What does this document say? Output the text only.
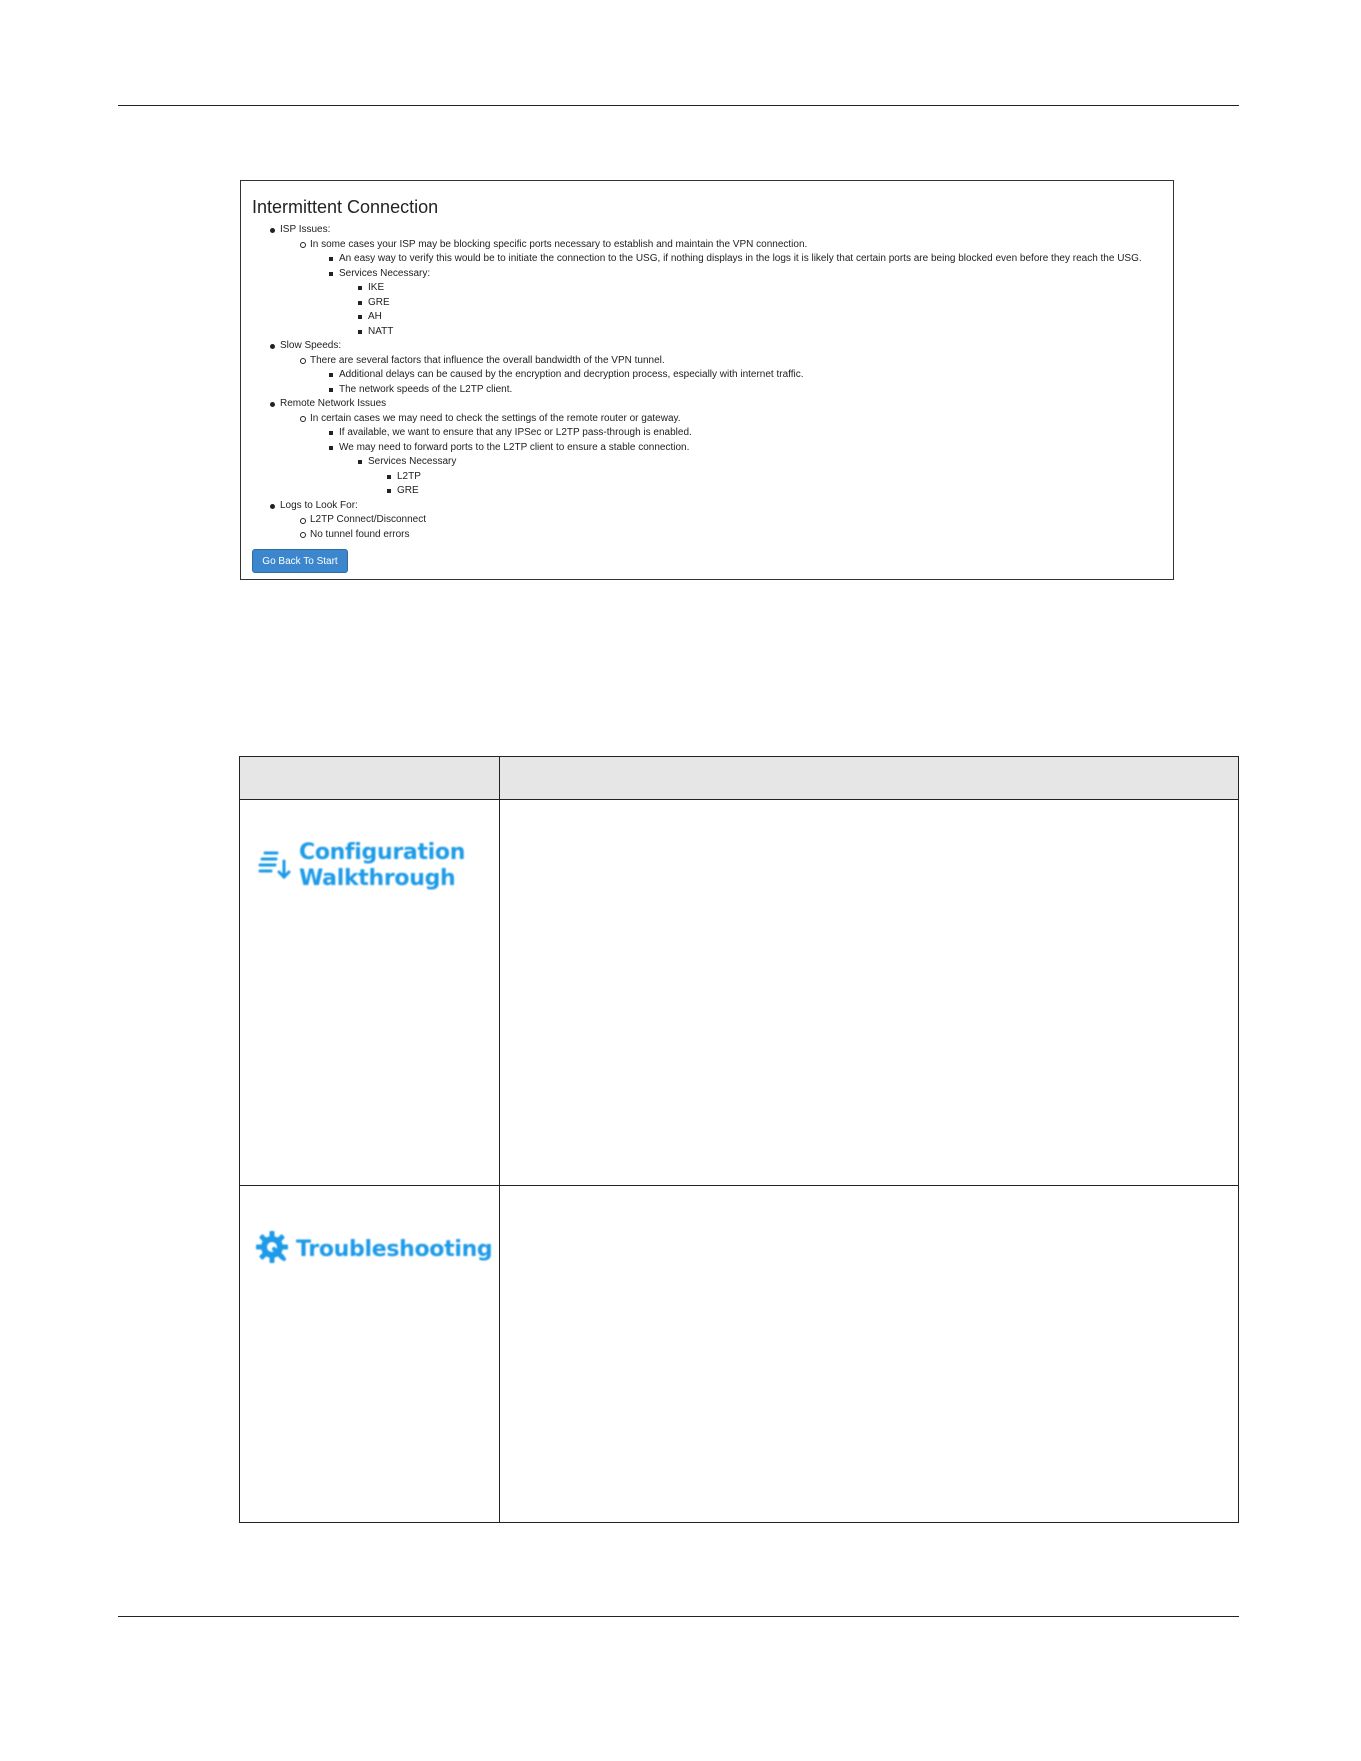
Intermittent Connection
ISP Issues:
In some cases your ISP may be blocking specific ports necessary to establish and maintain the VPN connection.
An easy way to verify this would be to initiate the connection to the USG, if nothing displays in the logs it is likely that certain ports are being blocked even before they reach the USG.
Services Necessary:
IKE
GRE
AH
NATT
Slow Speeds:
There are several factors that influence the overall bandwidth of the VPN tunnel.
Additional delays can be caused by the encryption and decryption process, especially with internet traffic.
The network speeds of the L2TP client.
Remote Network Issues
In certain cases we may need to check the settings of the remote router or gateway.
If available, we want to ensure that any IPSec or L2TP pass-through is enabled.
We may need to forward ports to the L2TP client to ensure a stable connection.
Services Necessary
L2TP
GRE
Logs to Look For:
L2TP Connect/Disconnect
No tunnel found errors
Go Back To Start
Configuration
Walkthrough
Troubleshooting
